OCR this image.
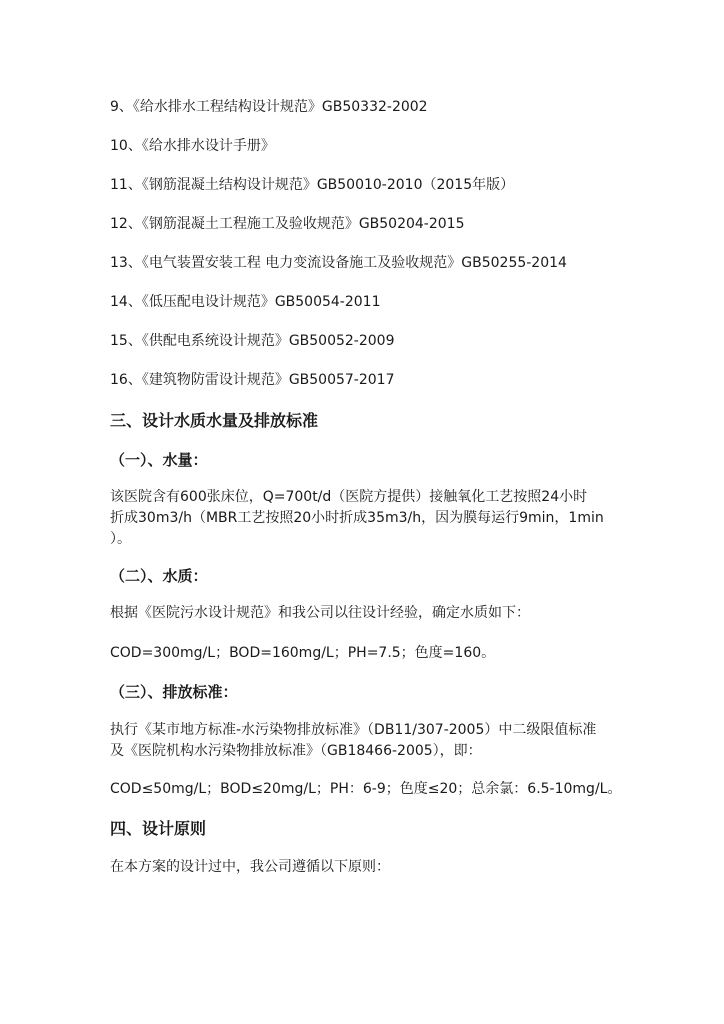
9、《给水排水工程结构设计规范》GB50332-2002
10、《给水排水设计手册》
11、《钢筋混凝土结构设计规范》GB50010-2010（2015年版）
12、《钢筋混凝土工程施工及验收规范》GB50204-2015
13、《电气装置安装工程 电力变流设备施工及验收规范》GB50255-2014
14、《低压配电设计规范》GB50054-2011
15、《供配电系统设计规范》GB50052-2009
16、《建筑物防雷设计规范》GB50057-2017
三、设计水质水量及排放标准
（一）、水量：
该医院含有600张床位，Q=700t/d（医院方提供）接触氧化工艺按照24小时
折成30m3/h（MBR工艺按照20小时折成35m3/h，因为膜每运行9min，1min
）。
（二）、水质：
根据《医院污水设计规范》和我公司以往设计经验，确定水质如下：
COD=300mg/L；BOD=160mg/L；PH=7.5；色度=160。
（三）、排放标准：
执行《某市地方标准-水污染物排放标准》（DB11/307-2005）中二级限值标准
及《医院机构水污染物排放标准》（GB18466-2005），即：
COD≤50mg/L；BOD≤20mg/L；PH：6-9；色度≤20；总余氯：6.5-10mg/L。
四、设计原则
在本方案的设计过中，我公司遵循以下原则：
